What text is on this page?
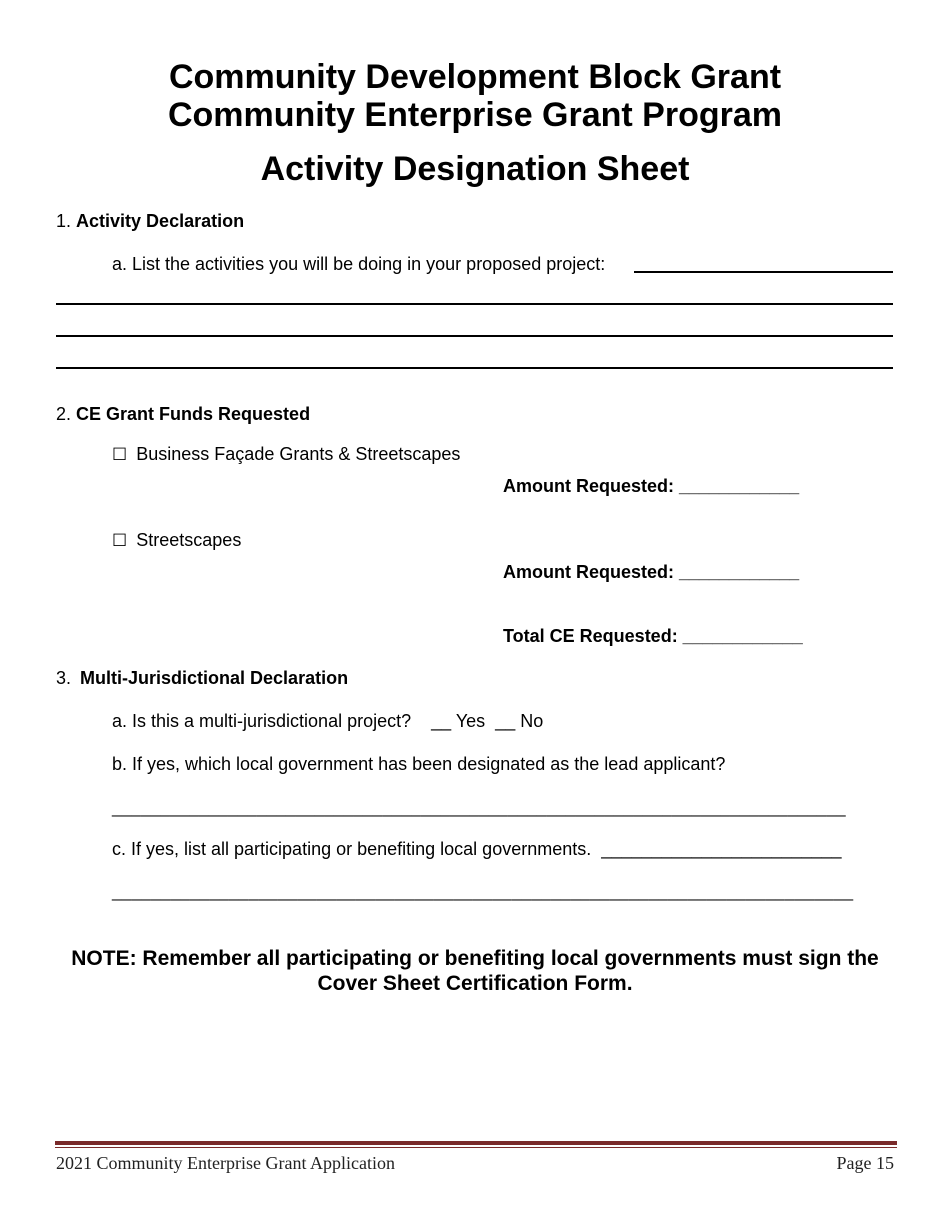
Community Development Block Grant
Community Enterprise Grant Program
Activity Designation Sheet
1. Activity Declaration
a. List the activities you will be doing in your proposed project:
2. CE Grant Funds Requested
☐ Business Façade Grants & Streetscapes
Amount Requested: ____________
☐ Streetscapes
Amount Requested: ____________
Total CE Requested: ____________
3. Multi-Jurisdictional Declaration
a. Is this a multi-jurisdictional project?    __ Yes  __ No
b. If yes, which local government has been designated as the lead applicant?
____________________________________________________________________________
c. If yes, list all participating or benefiting local governments.  ________________________
____________________________________________________________________________
NOTE: Remember all participating or benefiting local governments must sign the
Cover Sheet Certification Form.
2021 Community Enterprise Grant Application	Page 15
